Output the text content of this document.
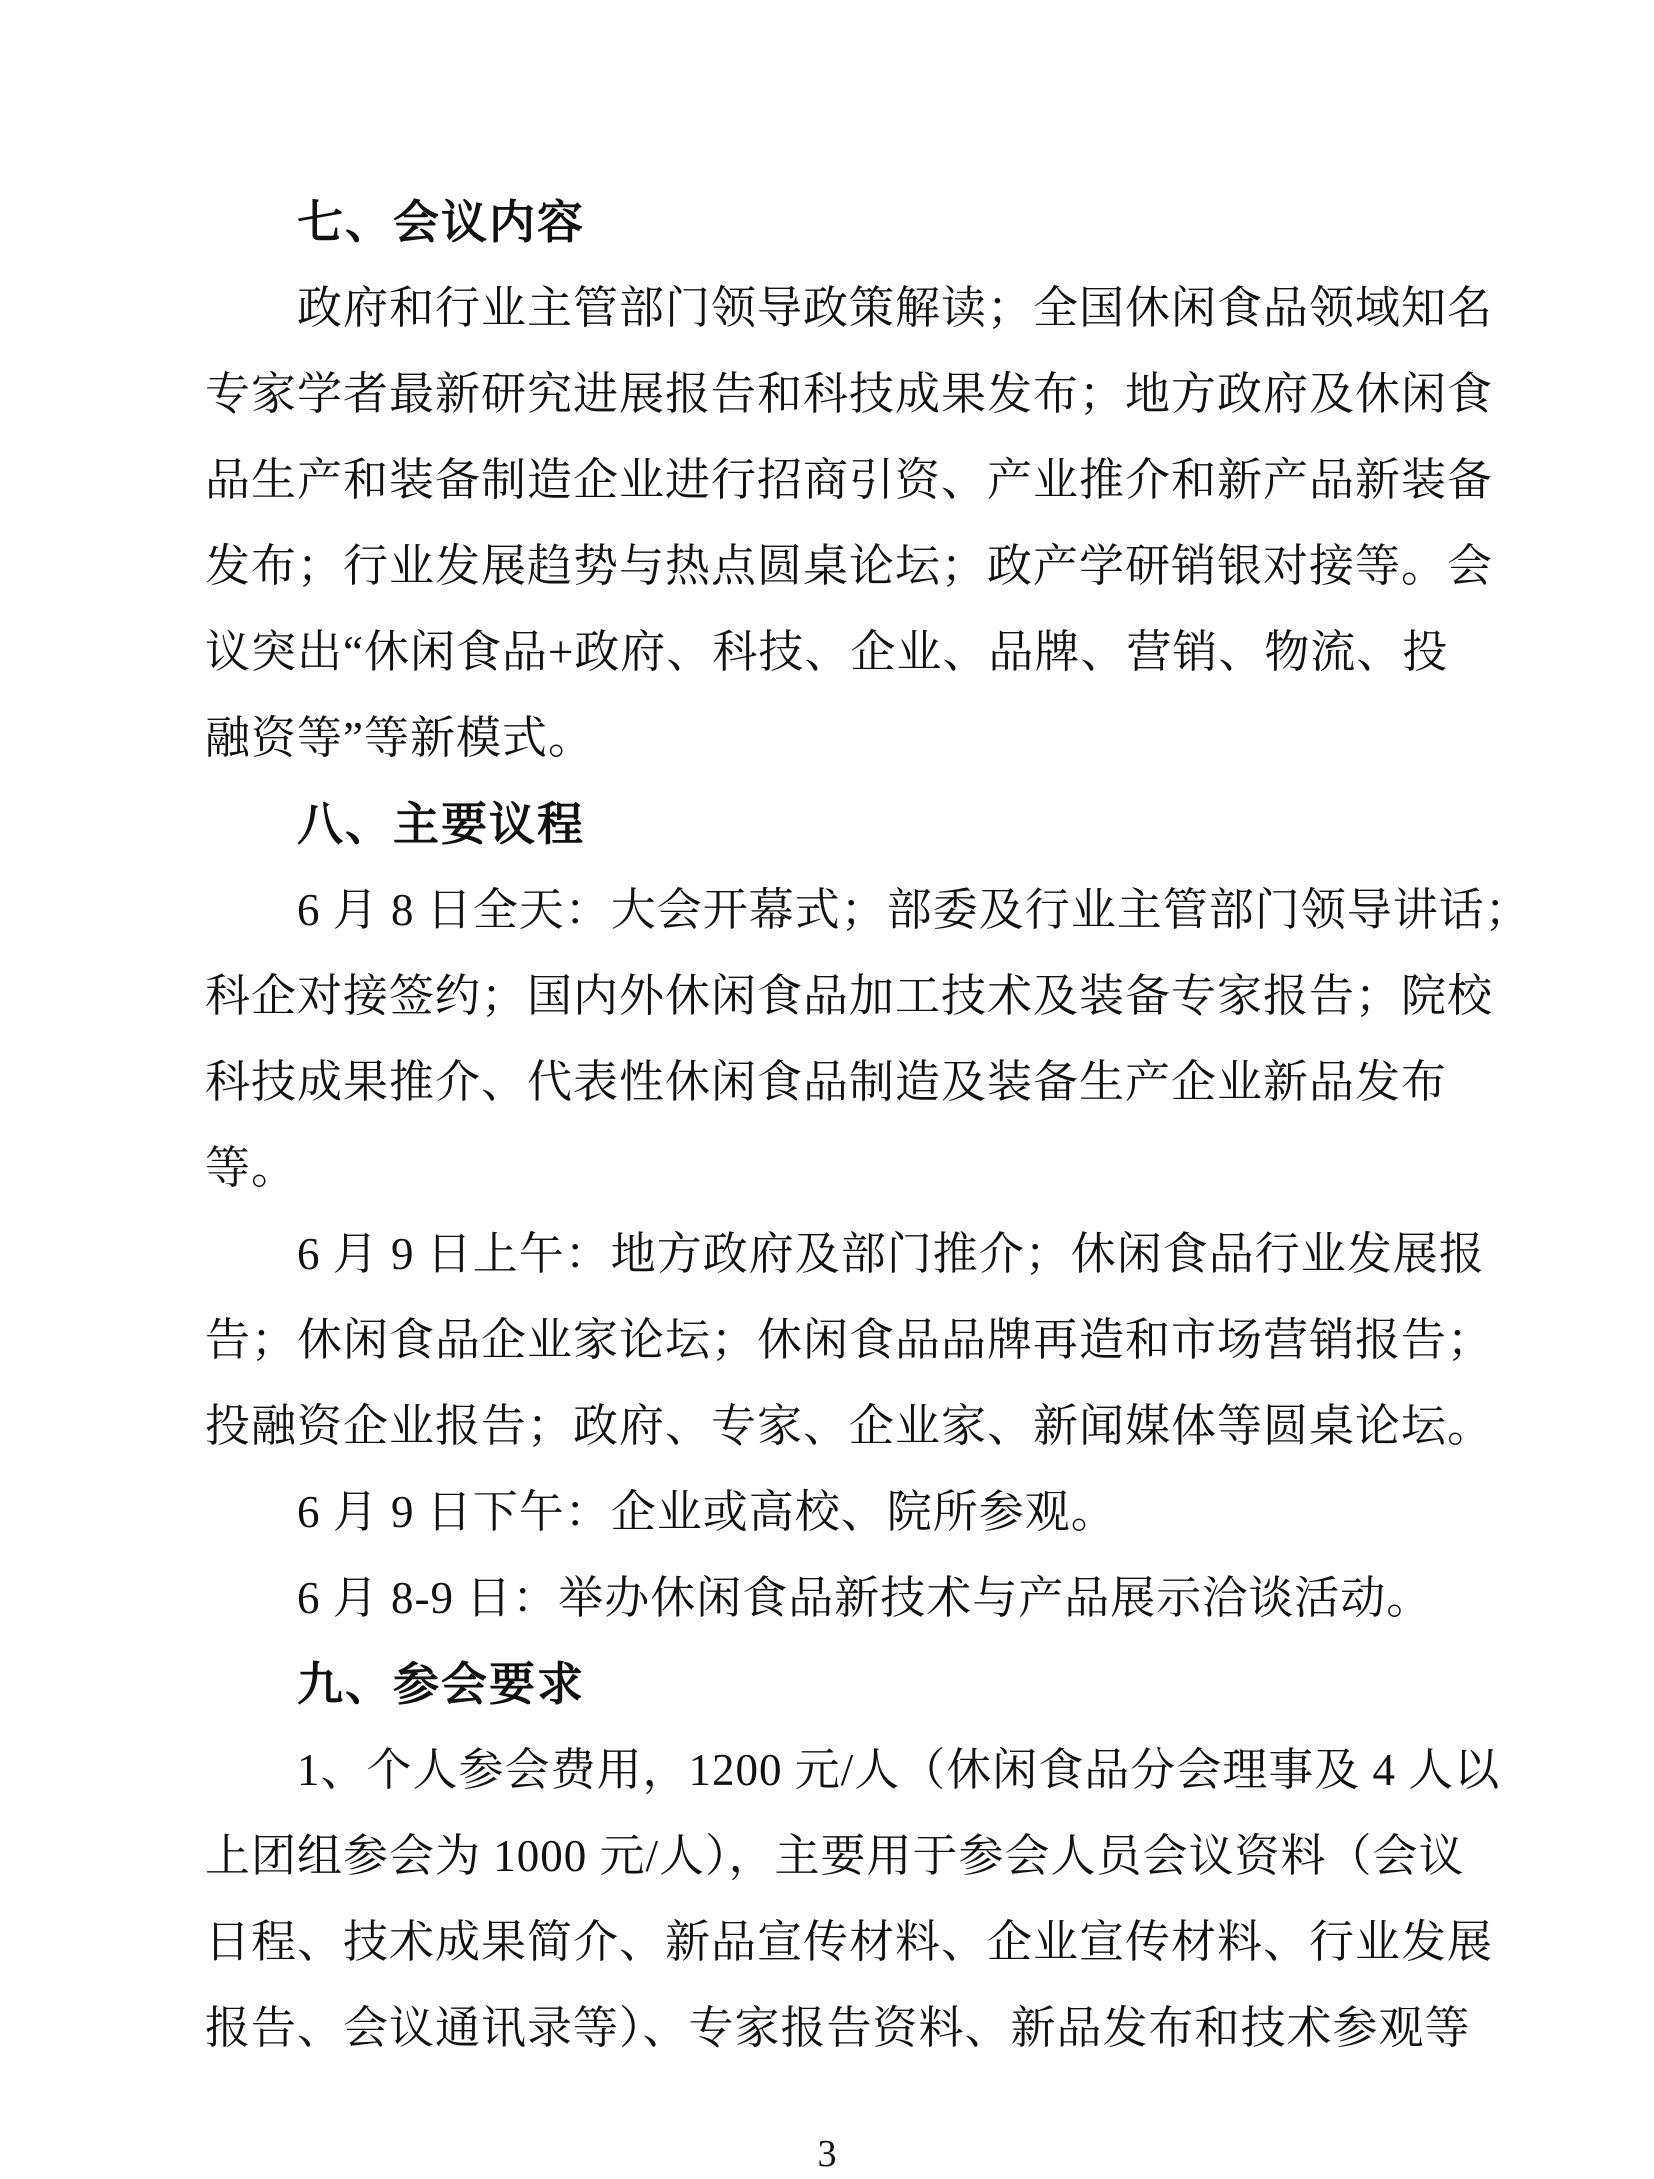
七、会议内容
政府和行业主管部门领导政策解读；全国休闲食品领域知名
专家学者最新研究进展报告和科技成果发布；地方政府及休闲食
品生产和装备制造企业进行招商引资、产业推介和新产品新装备
发布；行业发展趋势与热点圆桌论坛；政产学研销银对接等。会
议突出“休闲食品+政府、科技、企业、品牌、营销、物流、投
融资等”等新模式。
八、主要议程
6 月 8 日全天：大会开幕式；部委及行业主管部门领导讲话；
科企对接签约；国内外休闲食品加工技术及装备专家报告；院校
科技成果推介、代表性休闲食品制造及装备生产企业新品发布
等。
6 月 9 日上午：地方政府及部门推介；休闲食品行业发展报
告；休闲食品企业家论坛；休闲食品品牌再造和市场营销报告；
投融资企业报告；政府、专家、企业家、新闻媒体等圆桌论坛。
6 月 9 日下午：企业或高校、院所参观。
6 月 8-9 日：举办休闲食品新技术与产品展示洽谈活动。
九、参会要求
1、个人参会费用，1200 元/人（休闲食品分会理事及 4 人以
上团组参会为 1000 元/人），主要用于参会人员会议资料（会议
日程、技术成果简介、新品宣传材料、企业宣传材料、行业发展
报告、会议通讯录等）、专家报告资料、新品发布和技术参观等
3
